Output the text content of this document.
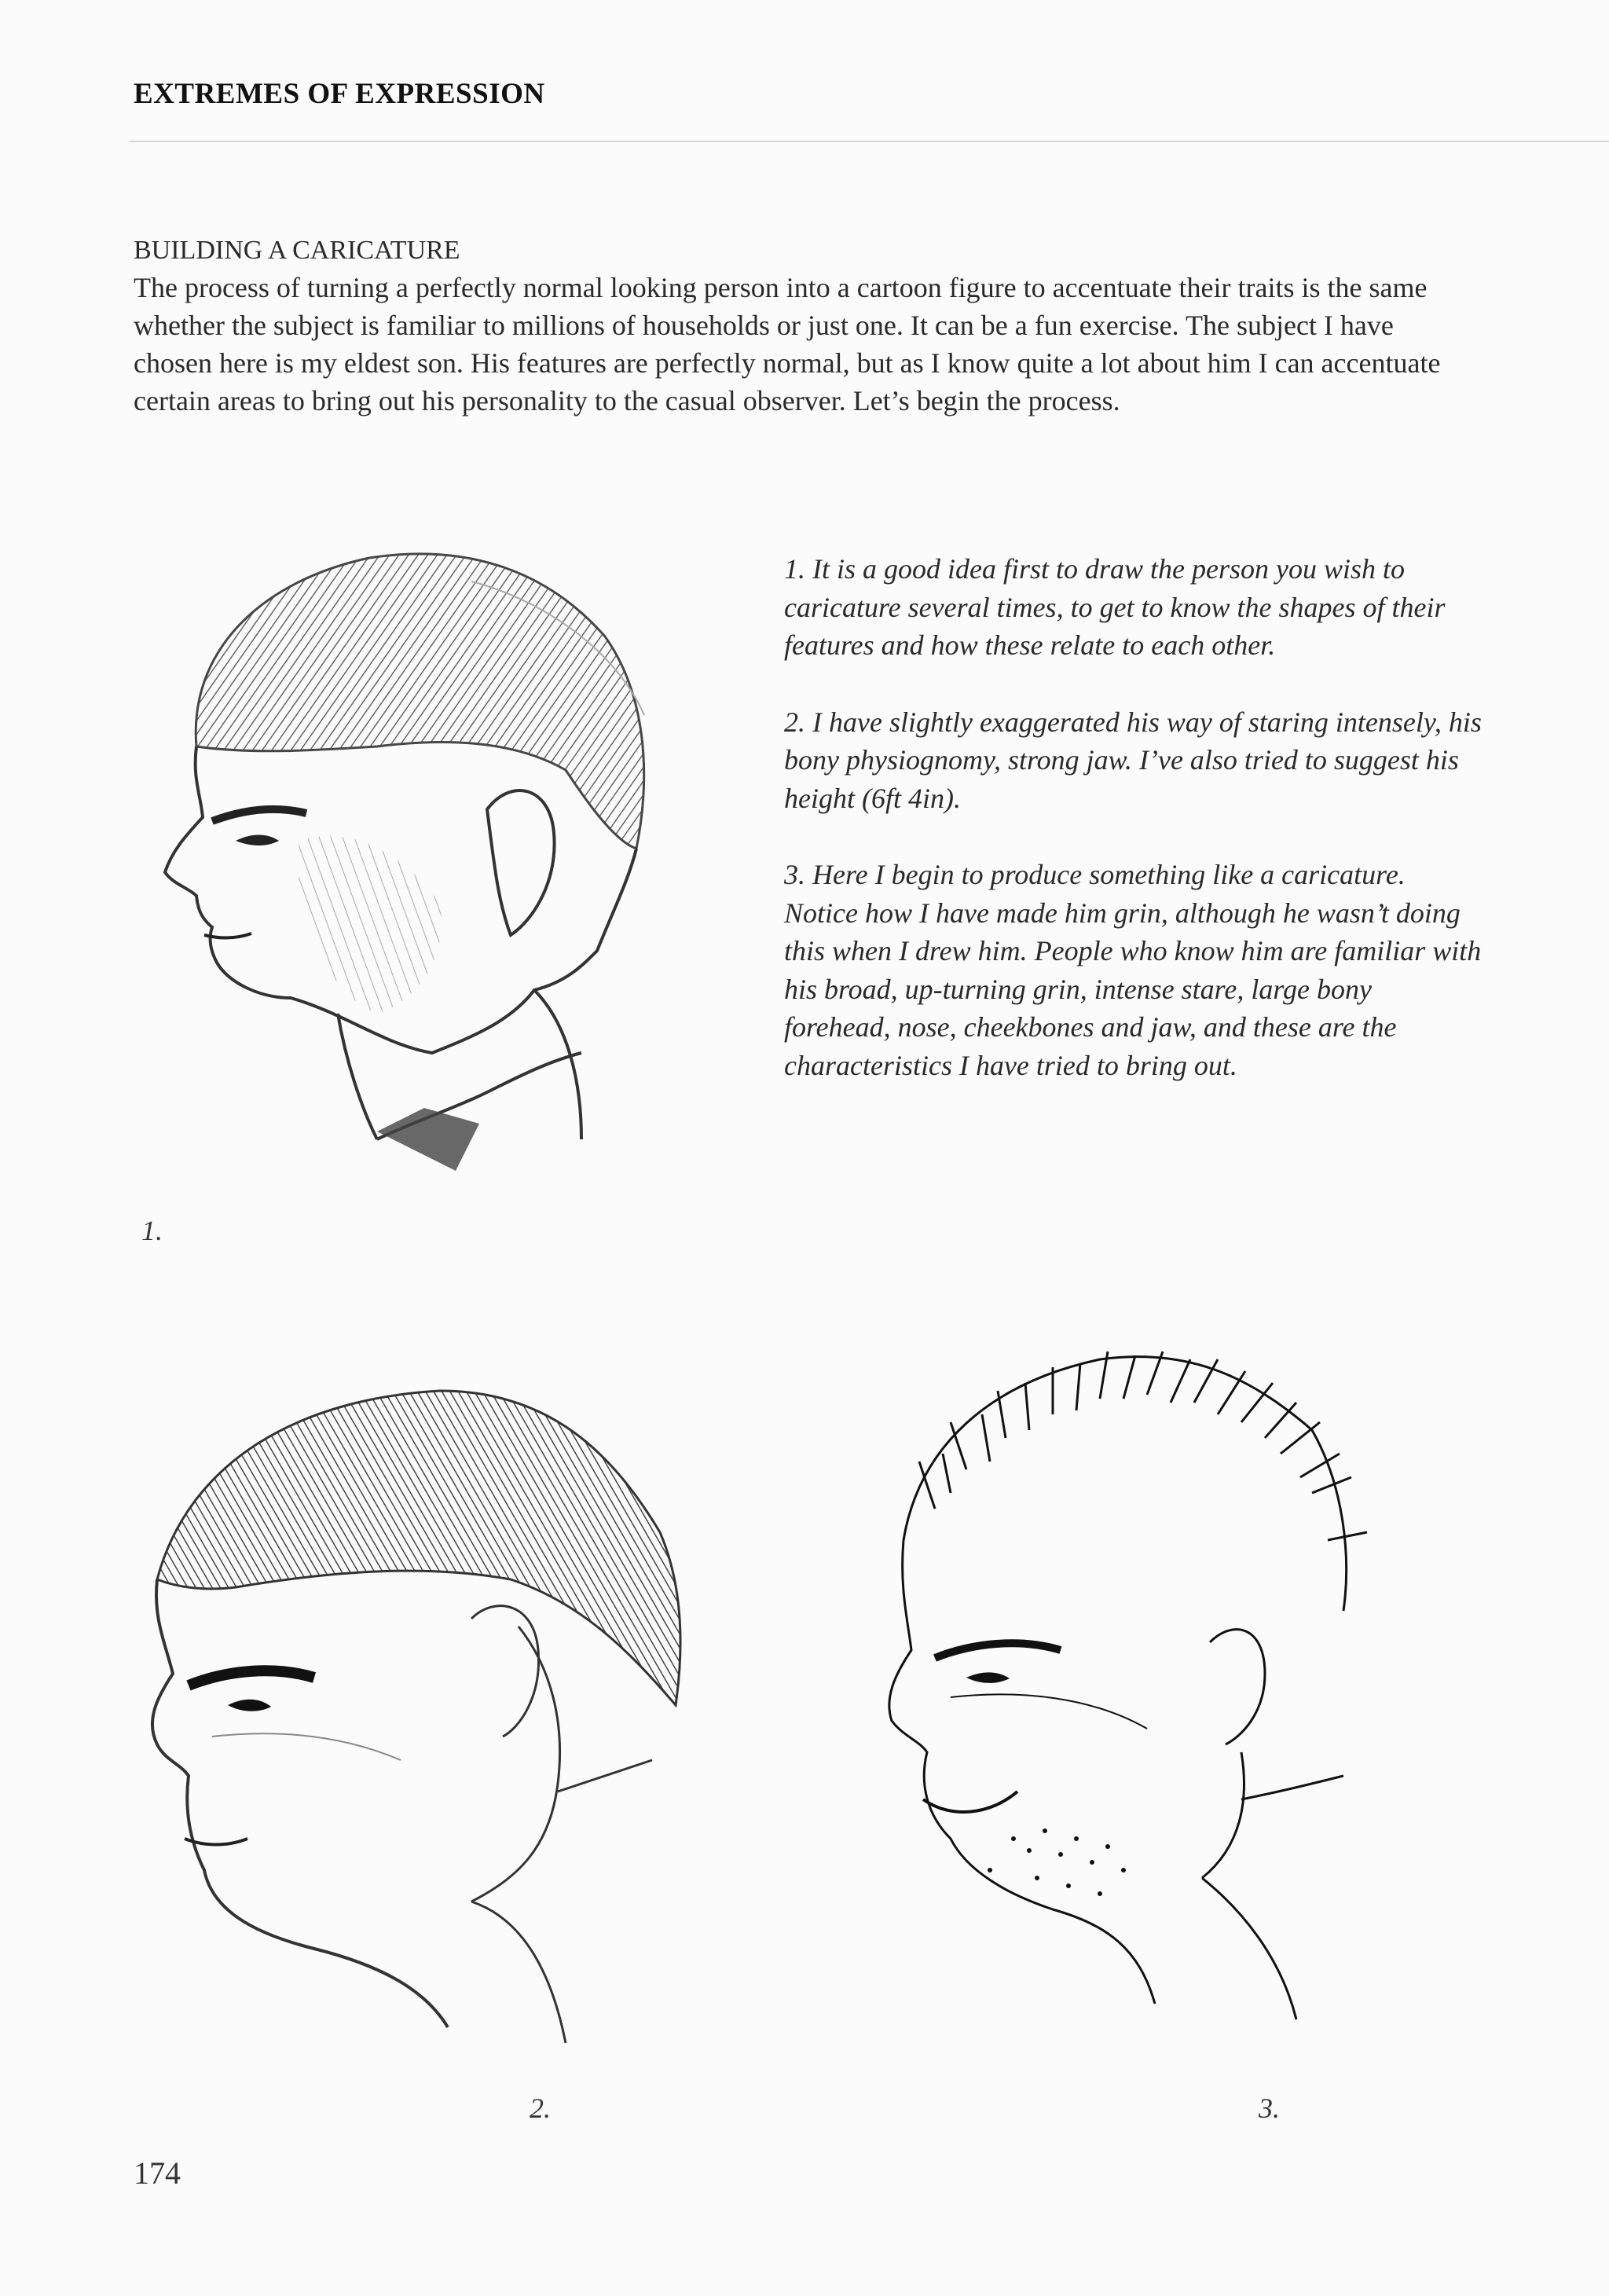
EXTREMES OF EXPRESSION
BUILDING A CARICATURE

The process of turning a perfectly normal looking person into a cartoon figure to accentuate their traits is the same whether the subject is familiar to millions of households or just one. It can be a fun exercise. The subject I have chosen here is my eldest son. His features are perfectly normal, but as I know quite a lot about him I can accentuate certain areas to bring out his personality to the casual observer. Let’s begin the process.

1. It is a good idea first to draw the person you wish to caricature several times, to get to know the shapes of their features and how these relate to each other.

2. I have slightly exaggerated his way of staring intensely, his bony physiognomy, strong jaw. I’ve also tried to suggest his height (6ft 4in).

3. Here I begin to produce something like a caricature. Notice how I have made him grin, although he wasn’t doing this when I drew him. People who know him are familiar with his broad, up-turning grin, intense stare, large bony forehead, nose, cheekbones and jaw, and these are the characteristics I have tried to bring out.

1.
2.	3.
174
